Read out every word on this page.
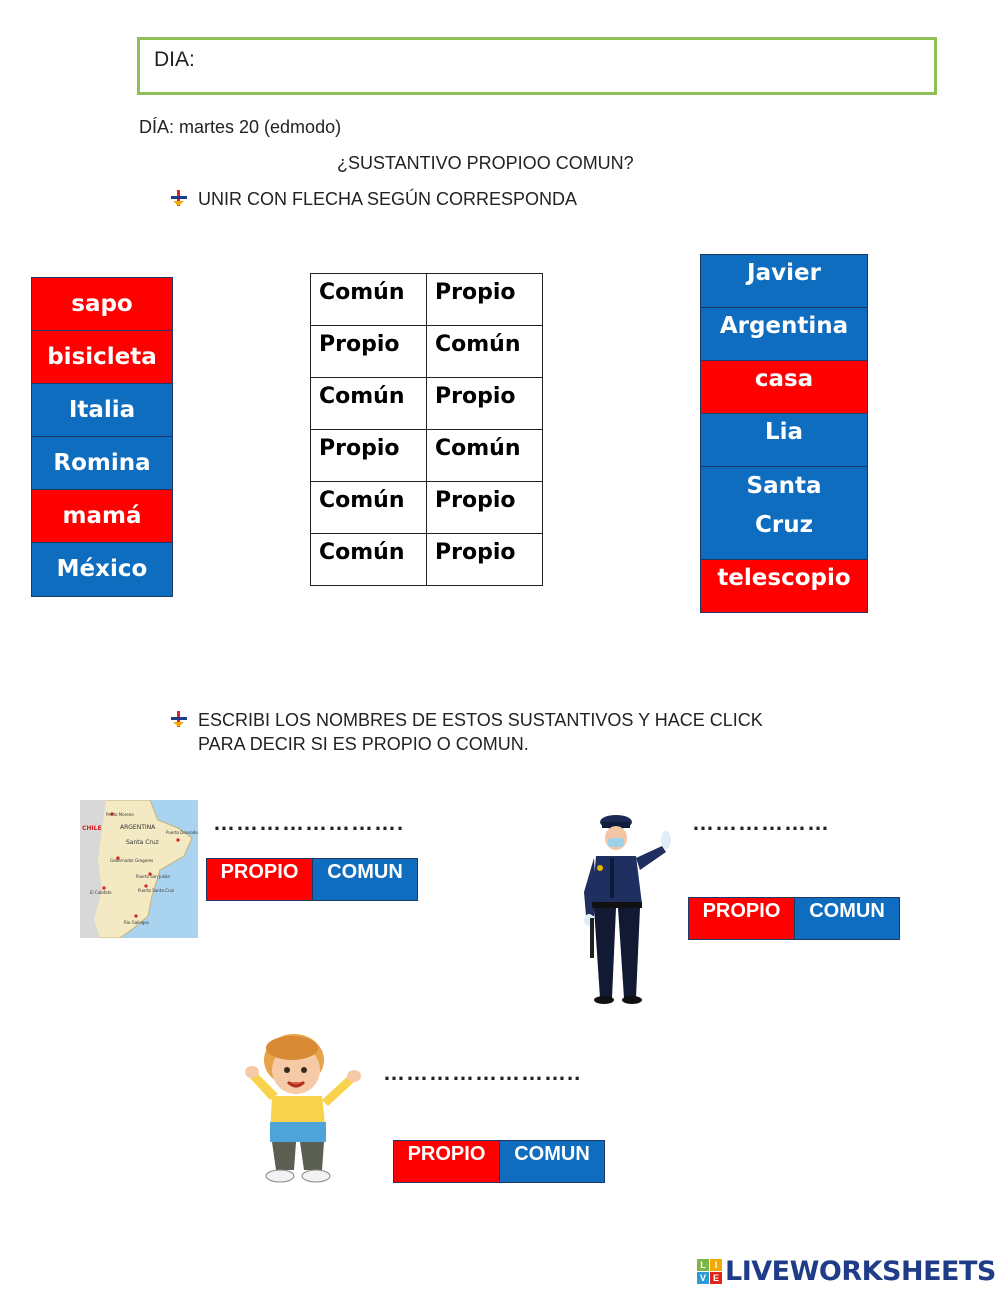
DIA:
DÍA: martes 20 (edmodo)
¿SUSTANTIVO PROPIOO COMUN?
UNIR CON FLECHA SEGÚN CORRESPONDA
sapo
bisicleta
Italia
Romina
mamá
México
Común	Propio
Propio	Común
Común	Propio
Propio	Común
Común	Propio
Común	Propio
Javier
Argentina
casa
Lia
Santa Cruz
telescopio
ESCRIBI LOS NOMBRES DE ESTOS SUSTANTIVOS Y HACE CLICK
PARA DECIR SI ES PROPIO O COMUN.
CHILE	ARGENTINA
Santa Cruz
Perito Moreno
Puerto Deseado
Gobernador Gregores
Puerto San Julián
El Calafate	Puerto Santa Cruz
Río Gallegos
…………………….
PROPIO	COMUN
………………
PROPIO	COMUN
……………………..
PROPIO	COMUN
L I
V E LIVEWORKSHEETS
